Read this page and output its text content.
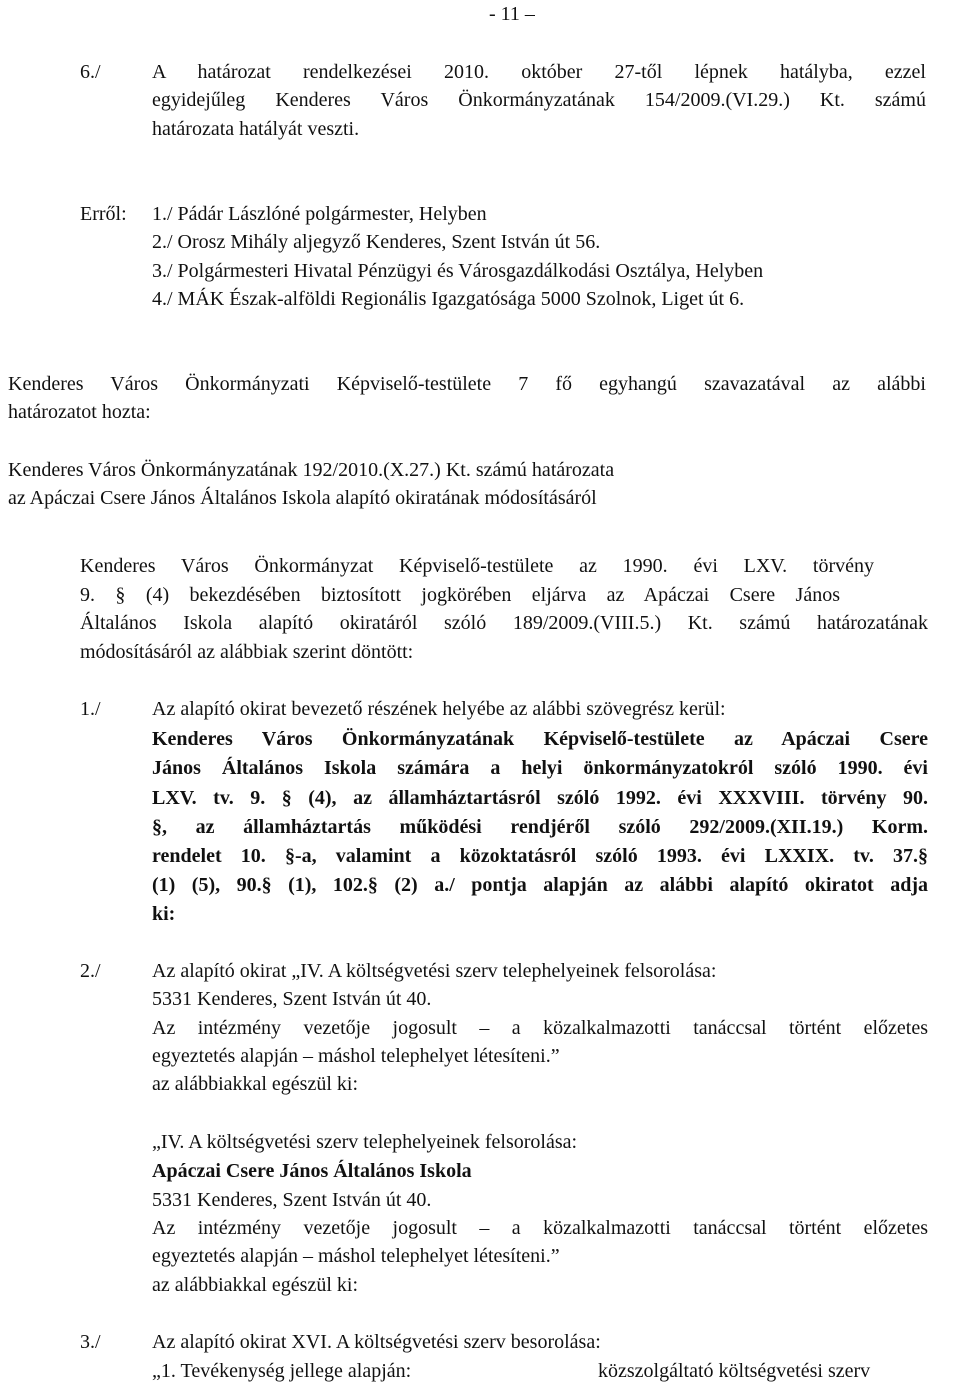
- 11 –
6./	A határozat rendelkezései 2010. október 27-től lépnek hatályba, ezzel
egyidejűleg Kenderes Város Önkormányzatának 154/2009.(VI.29.) Kt. számú
határozata hatályát veszti.
Erről: 1./ Pádár Lászlóné polgármester, Helyben
2./ Orosz Mihály aljegyző Kenderes, Szent István út 56.
3./ Polgármesteri Hivatal Pénzügyi és Városgazdálkodási Osztálya, Helyben
4./ MÁK Észak-alföldi Regionális Igazgatósága 5000 Szolnok, Liget út 6.
Kenderes Város Önkormányzati Képviselő-testülete 7 fő egyhangú szavazatával az alábbi
határozatot hozta:
Kenderes Város Önkormányzatának 192/2010.(X.27.) Kt. számú határozata
az Apáczai Csere János Általános Iskola alapító okiratának módosításáról
Kenderes Város Önkormányzat Képviselő-testülete az 1990. évi LXV. törvény
9. § (4) bekezdésében biztosított jogkörében eljárva az Apáczai Csere János
Általános Iskola alapító okiratáról szóló 189/2009.(VIII.5.) Kt. számú határozatának
módosításáról az alábbiak szerint döntött:
1./	Az alapító okirat bevezető részének helyébe az alábbi szövegrész kerül:
Kenderes Város Önkormányzatának Képviselő-testülete az Apáczai Csere
János Általános Iskola számára a helyi önkormányzatokról szóló 1990. évi
LXV. tv. 9. § (4), az államháztartásról szóló 1992. évi XXXVIII. törvény 90.
§, az államháztartás működési rendjéről szóló 292/2009.(XII.19.) Korm.
rendelet 10. §-a, valamint a közoktatásról szóló 1993. évi LXXIX. tv. 37.§
(1) (5), 90.§ (1), 102.§ (2) a./ pontja alapján az alábbi alapító okiratot adja
ki:
2./	Az alapító okirat „IV. A költségvetési szerv telephelyeinek felsorolása:
5331 Kenderes, Szent István út 40.
Az intézmény vezetője jogosult – a közalkalmazotti tanáccsal történt előzetes
egyeztetés alapján – máshol telephelyet létesíteni.”
az alábbiakkal egészül ki:
„IV. A költségvetési szerv telephelyeinek felsorolása:
Apáczai Csere János Általános Iskola
5331 Kenderes, Szent István út 40.
Az intézmény vezetője jogosult – a közalkalmazotti tanáccsal történt előzetes
egyeztetés alapján – máshol telephelyet létesíteni.”
az alábbiakkal egészül ki:
3./	Az alapító okirat XVI. A költségvetési szerv besorolása:
„1. Tevékenység jellege alapján:	közszolgáltató költségvetési szerv
